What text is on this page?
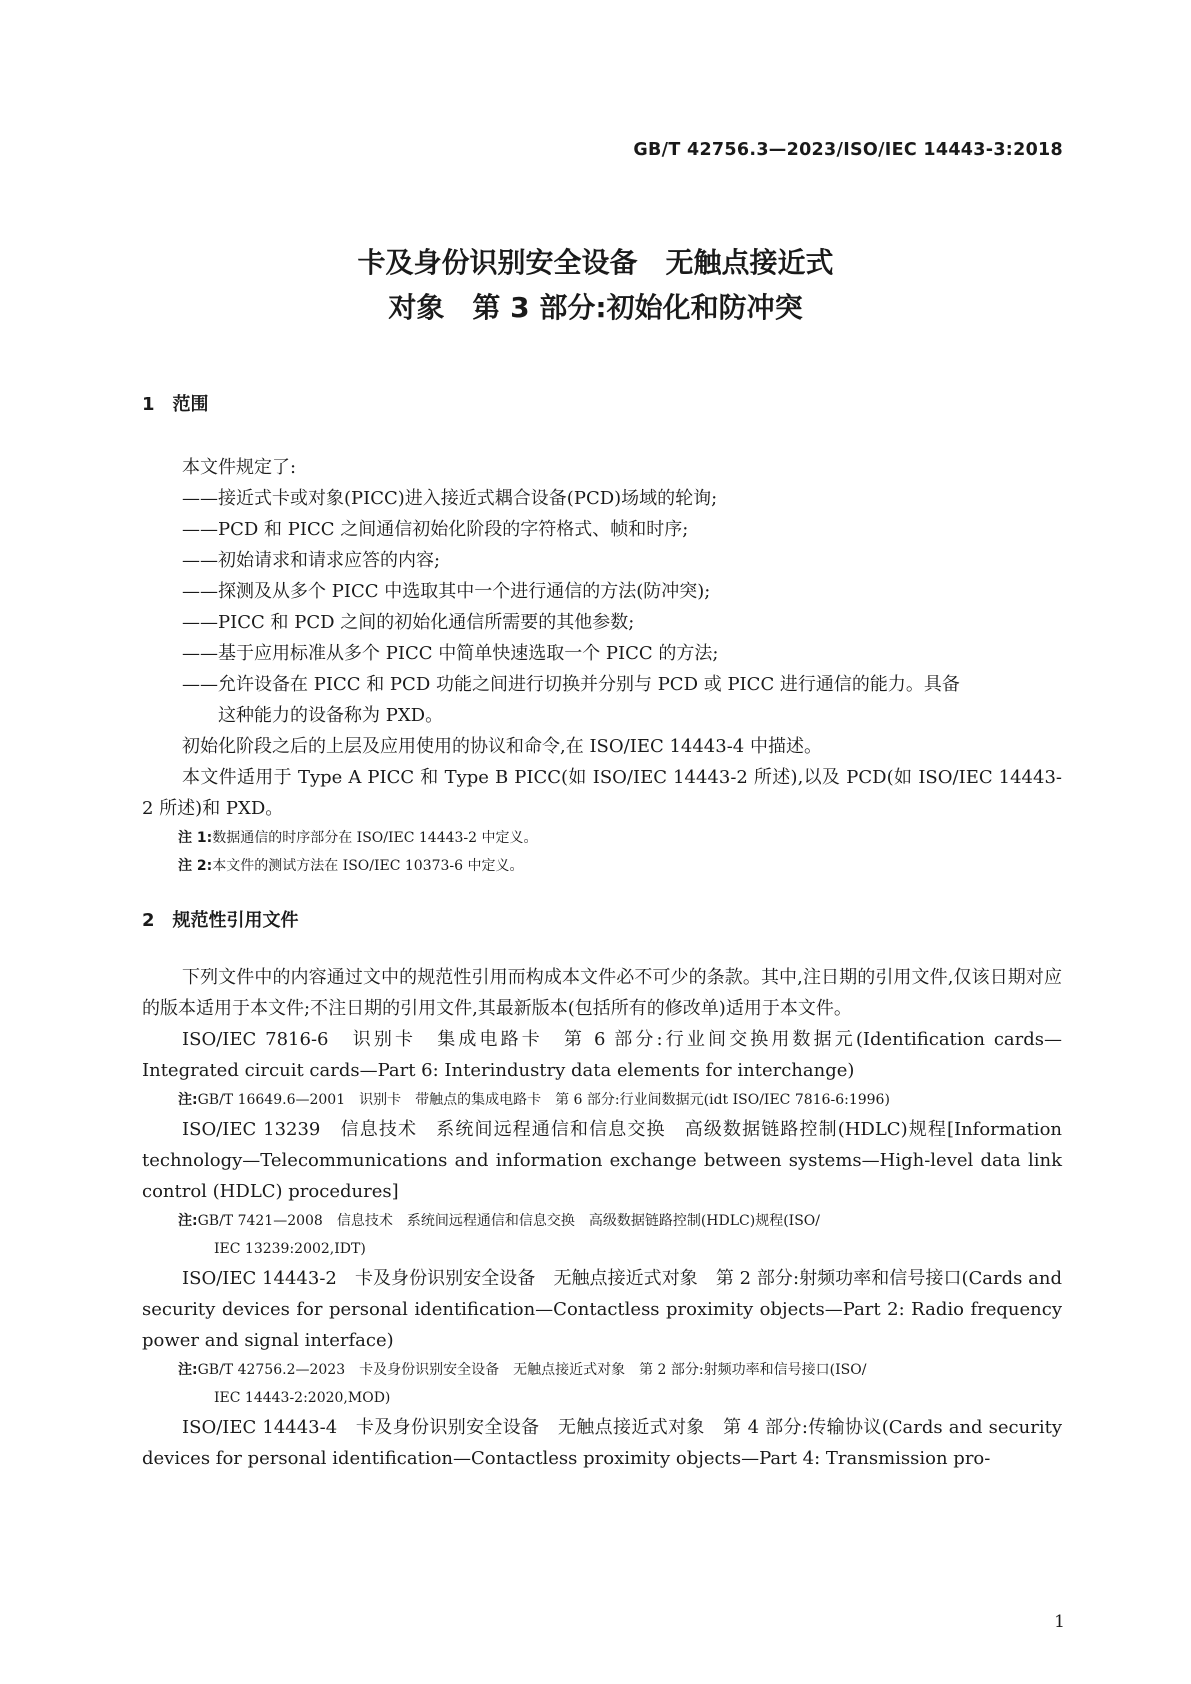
GB/T 42756.3—2023/ISO/IEC 14443-3:2018
卡及身份识别安全设备　无触点接近式
对象　第 3 部分:初始化和防冲突
1　范围
本文件规定了:
——接近式卡或对象(PICC)进入接近式耦合设备(PCD)场域的轮询;
——PCD 和 PICC 之间通信初始化阶段的字符格式、帧和时序;
——初始请求和请求应答的内容;
——探测及从多个 PICC 中选取其中一个进行通信的方法(防冲突);
——PICC 和 PCD 之间的初始化通信所需要的其他参数;
——基于应用标准从多个 PICC 中简单快速选取一个 PICC 的方法;
——允许设备在 PICC 和 PCD 功能之间进行切换并分别与 PCD 或 PICC 进行通信的能力。具备
这种能力的设备称为 PXD。
初始化阶段之后的上层及应用使用的协议和命令,在 ISO/IEC 14443-4 中描述。
本文件适用于 Type A PICC 和 Type B PICC(如 ISO/IEC 14443-2 所述),以及 PCD(如 ISO/IEC 14443-2 所述)和 PXD。
注 1:数据通信的时序部分在 ISO/IEC 14443-2 中定义。
注 2:本文件的测试方法在 ISO/IEC 10373-6 中定义。
2　规范性引用文件
下列文件中的内容通过文中的规范性引用而构成本文件必不可少的条款。其中,注日期的引用文件,仅该日期对应的版本适用于本文件;不注日期的引用文件,其最新版本(包括所有的修改单)适用于本文件。
ISO/IEC 7816-6　识别卡　集成电路卡　第 6 部分:行业间交换用数据元(Identification cards—Integrated circuit cards—Part 6: Interindustry data elements for interchange)
注:GB/T 16649.6—2001　识别卡　带触点的集成电路卡　第 6 部分:行业间数据元(idt ISO/IEC 7816-6:1996)
ISO/IEC 13239　信息技术　系统间远程通信和信息交换　高级数据链路控制(HDLC)规程[Information technology—Telecommunications and information exchange between systems—High-level data link control (HDLC) procedures]
注:GB/T 7421—2008　信息技术　系统间远程通信和信息交换　高级数据链路控制(HDLC)规程(ISO/
IEC 13239:2002,IDT)
ISO/IEC 14443-2　卡及身份识别安全设备　无触点接近式对象　第 2 部分:射频功率和信号接口(Cards and security devices for personal identification—Contactless proximity objects—Part 2: Radio frequency power and signal interface)
注:GB/T 42756.2—2023　卡及身份识别安全设备　无触点接近式对象　第 2 部分:射频功率和信号接口(ISO/
IEC 14443-2:2020,MOD)
ISO/IEC 14443-4　卡及身份识别安全设备　无触点接近式对象　第 4 部分:传输协议(Cards and security devices for personal identification—Contactless proximity objects—Part 4: Transmission pro-
1
